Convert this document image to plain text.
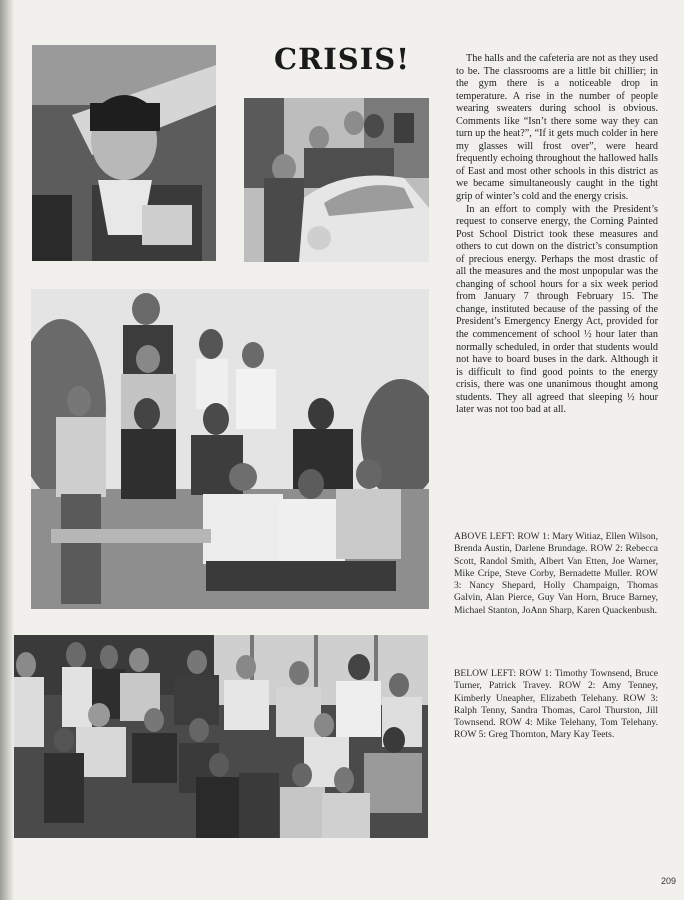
CRISIS!	The halls and the cafeteria are not as they used to be. The classrooms are a little bit chillier; in the gym there is a noticeable drop in temperature. A rise in the number of people wearing sweaters during school is obvious. Comments like “Isn’t there some way they can turn up the heat?”, “If it gets much colder in here my glasses will frost over”, were heard frequently echoing throughout the hallowed halls of East and most other schools in this district as we became simultaneously caught in the tight grip of winter’s cold and the energy crisis.

In an effort to comply with the President’s request to conserve energy, the Corning Painted Post School District took these measures and others to cut down on the district’s consumption of precious energy. Perhaps the most drastic of all the measures and the most unpopular was the changing of school hours for a six week period from January 7 through February 15. The change, instituted because of the passing of the President’s Emergency Energy Act, provided for the commencement of school ½ hour later than normally scheduled, in order that students would not have to board buses in the dark. Although it is difficult to find good points to the energy crisis, there was one unanimous thought among students. They all agreed that sleeping ½ hour later was not too bad at all.

ABOVE LEFT: ROW 1: Mary Witiaz, Ellen Wilson, Brenda Austin, Darlene Brundage. ROW 2: Rebecca Scott, Randol Smith, Albert Van Etten, Joe Warner, Mike Cripe, Steve Corby, Bernadette Muller. ROW 3: Nancy Shepard, Holly Champaign, Thomas Galvin, Alan Pierce, Guy Van Horn, Bruce Barney, Michael Stanton, JoAnn Sharp, Karen Quackenbush.

BELOW LEFT: ROW 1: Timothy Townsend, Bruce Turner, Patrick Travey. ROW 2: Amy Tenney, Kimberly Uneapher, Elizabeth Telehany. ROW 3: Ralph Tenny, Sandra Thomas, Carol Thurston, Jill Townsend. ROW 4: Mike Telehany, Tom Telehany. ROW 5: Greg Thornton, Mary Kay Teets.

209
